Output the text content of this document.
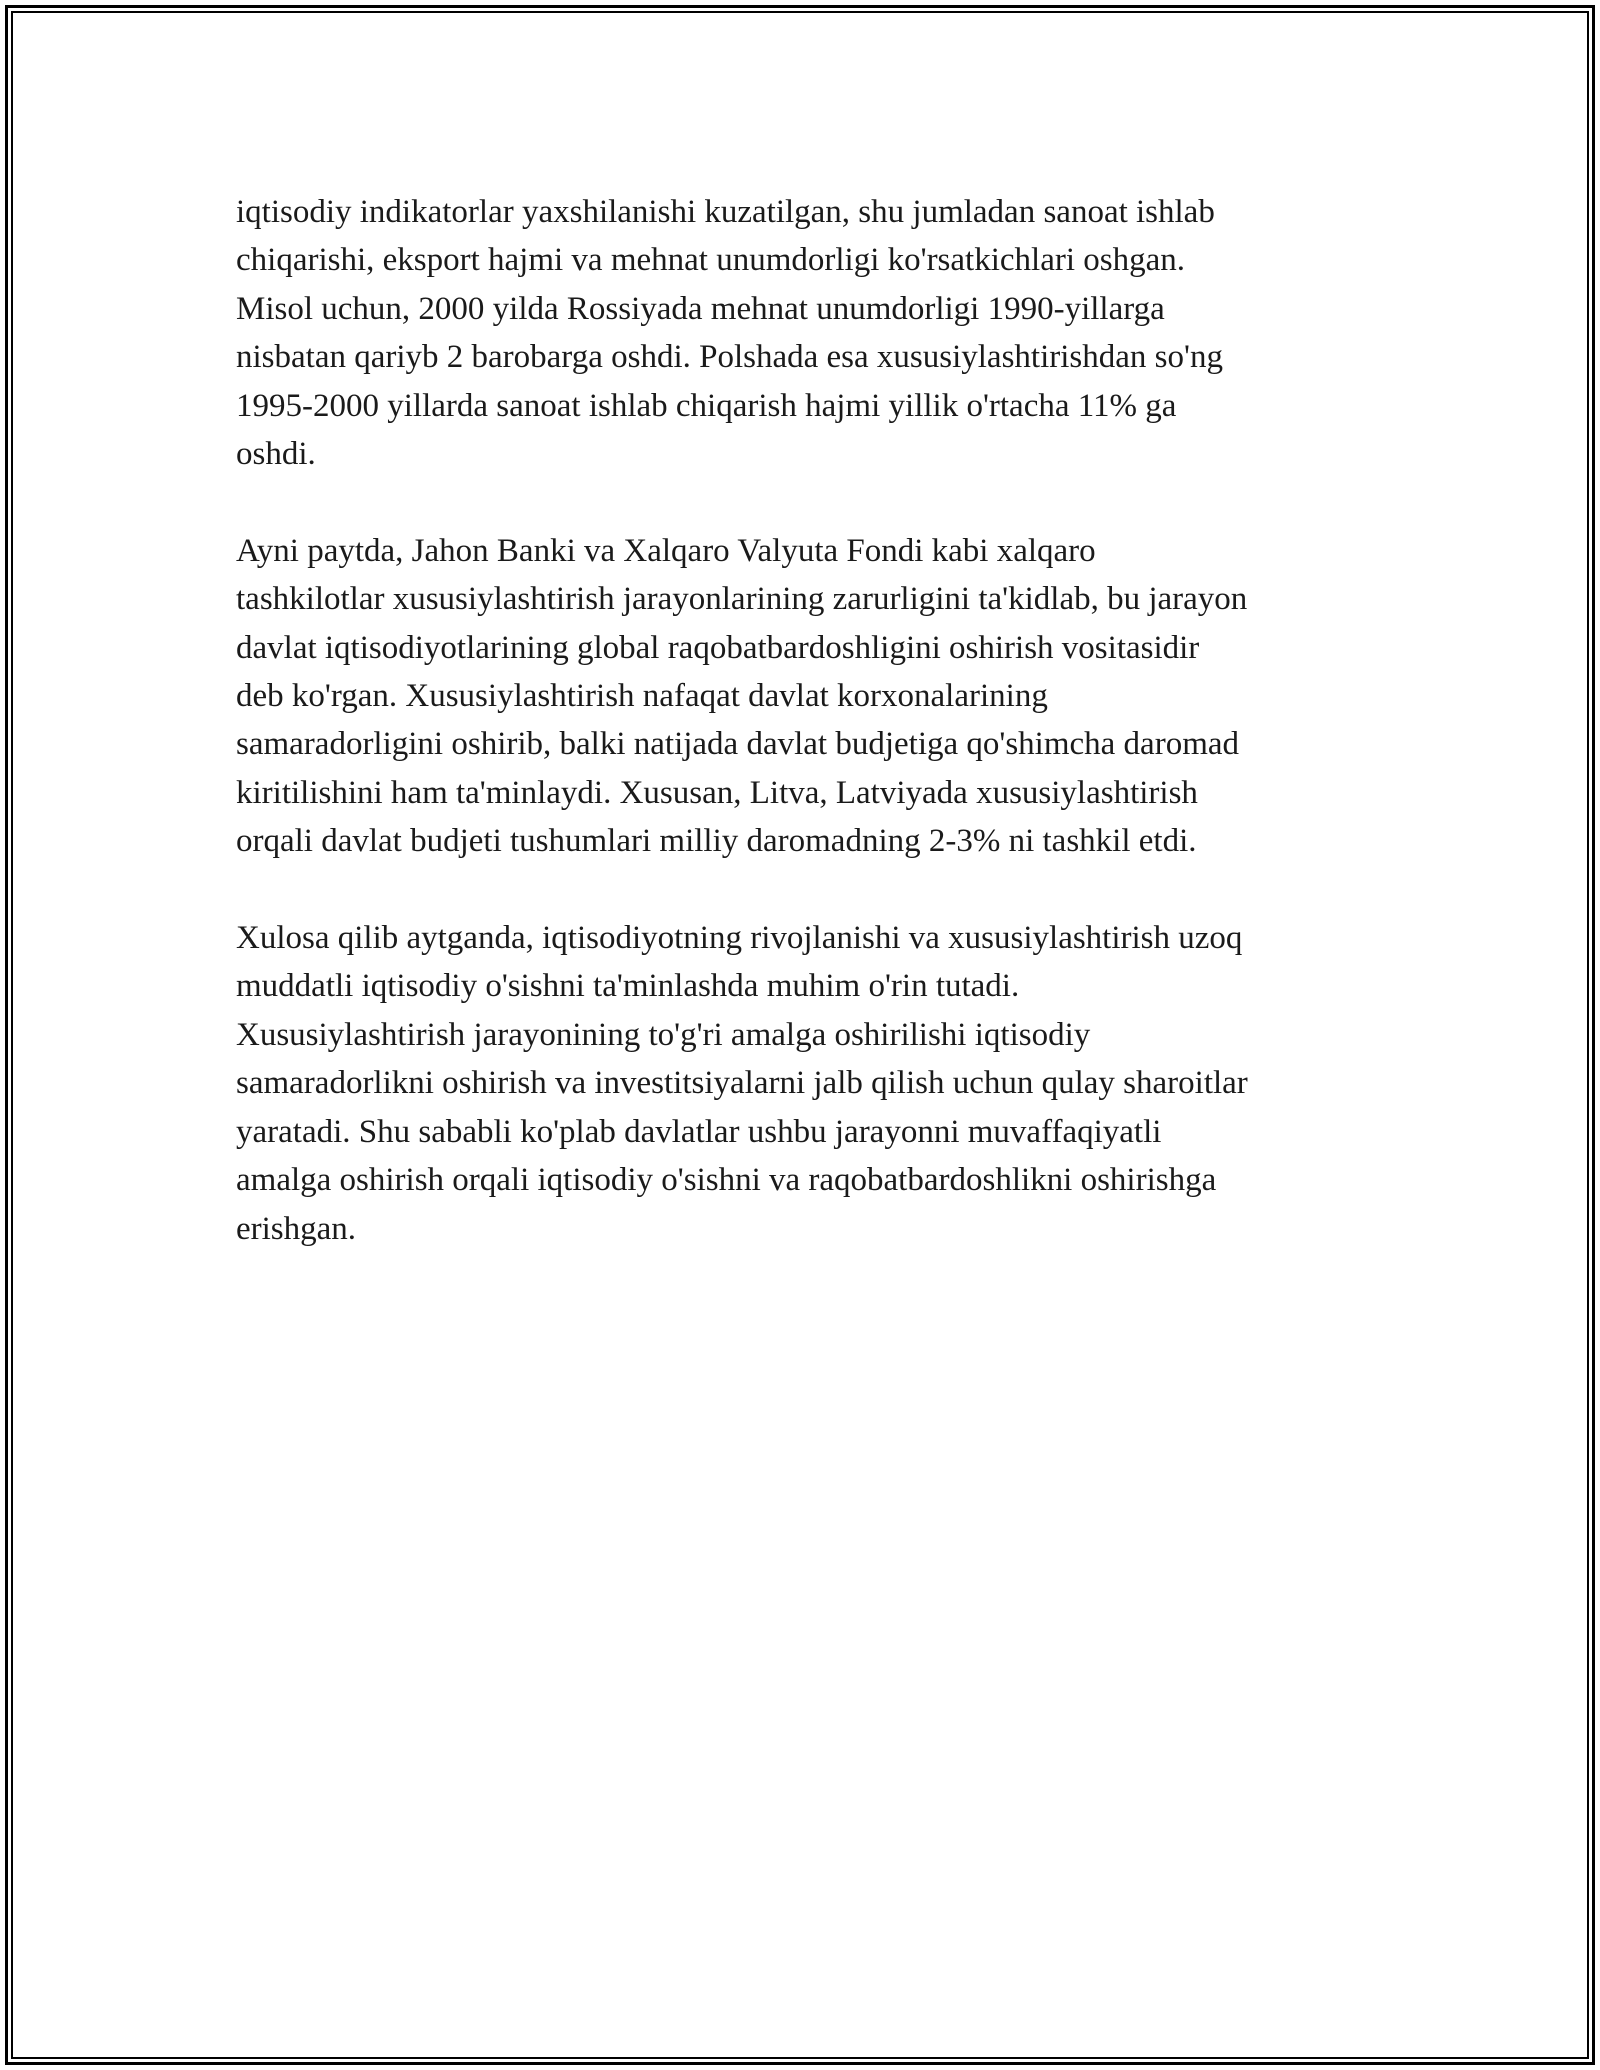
iqtisodiy indikatorlar yaxshilanishi kuzatilgan, shu jumladan sanoat ishlab
chiqarishi, eksport hajmi va mehnat unumdorligi ko'rsatkichlari oshgan.
Misol uchun, 2000 yilda Rossiyada mehnat unumdorligi 1990-yillarga
nisbatan qariyb 2 barobarga oshdi. Polshada esa xususiylashtirishdan so'ng
1995-2000 yillarda sanoat ishlab chiqarish hajmi yillik o'rtacha 11% ga
oshdi.

Ayni paytda, Jahon Banki va Xalqaro Valyuta Fondi kabi xalqaro
tashkilotlar xususiylashtirish jarayonlarining zarurligini ta'kidlab, bu jarayon
davlat iqtisodiyotlarining global raqobatbardoshligini oshirish vositasidir
deb ko'rgan. Xususiylashtirish nafaqat davlat korxonalarining
samaradorligini oshirib, balki natijada davlat budjetiga qo'shimcha daromad
kiritilishini ham ta'minlaydi. Xususan, Litva, Latviyada xususiylashtirish
orqali davlat budjeti tushumlari milliy daromadning 2-3% ni tashkil etdi.

Xulosa qilib aytganda, iqtisodiyotning rivojlanishi va xususiylashtirish uzoq
muddatli iqtisodiy o'sishni ta'minlashda muhim o'rin tutadi.
Xususiylashtirish jarayonining to'g'ri amalga oshirilishi iqtisodiy
samaradorlikni oshirish va investitsiyalarni jalb qilish uchun qulay sharoitlar
yaratadi. Shu sababli ko'plab davlatlar ushbu jarayonni muvaffaqiyatli
amalga oshirish orqali iqtisodiy o'sishni va raqobatbardoshlikni oshirishga
erishgan.
